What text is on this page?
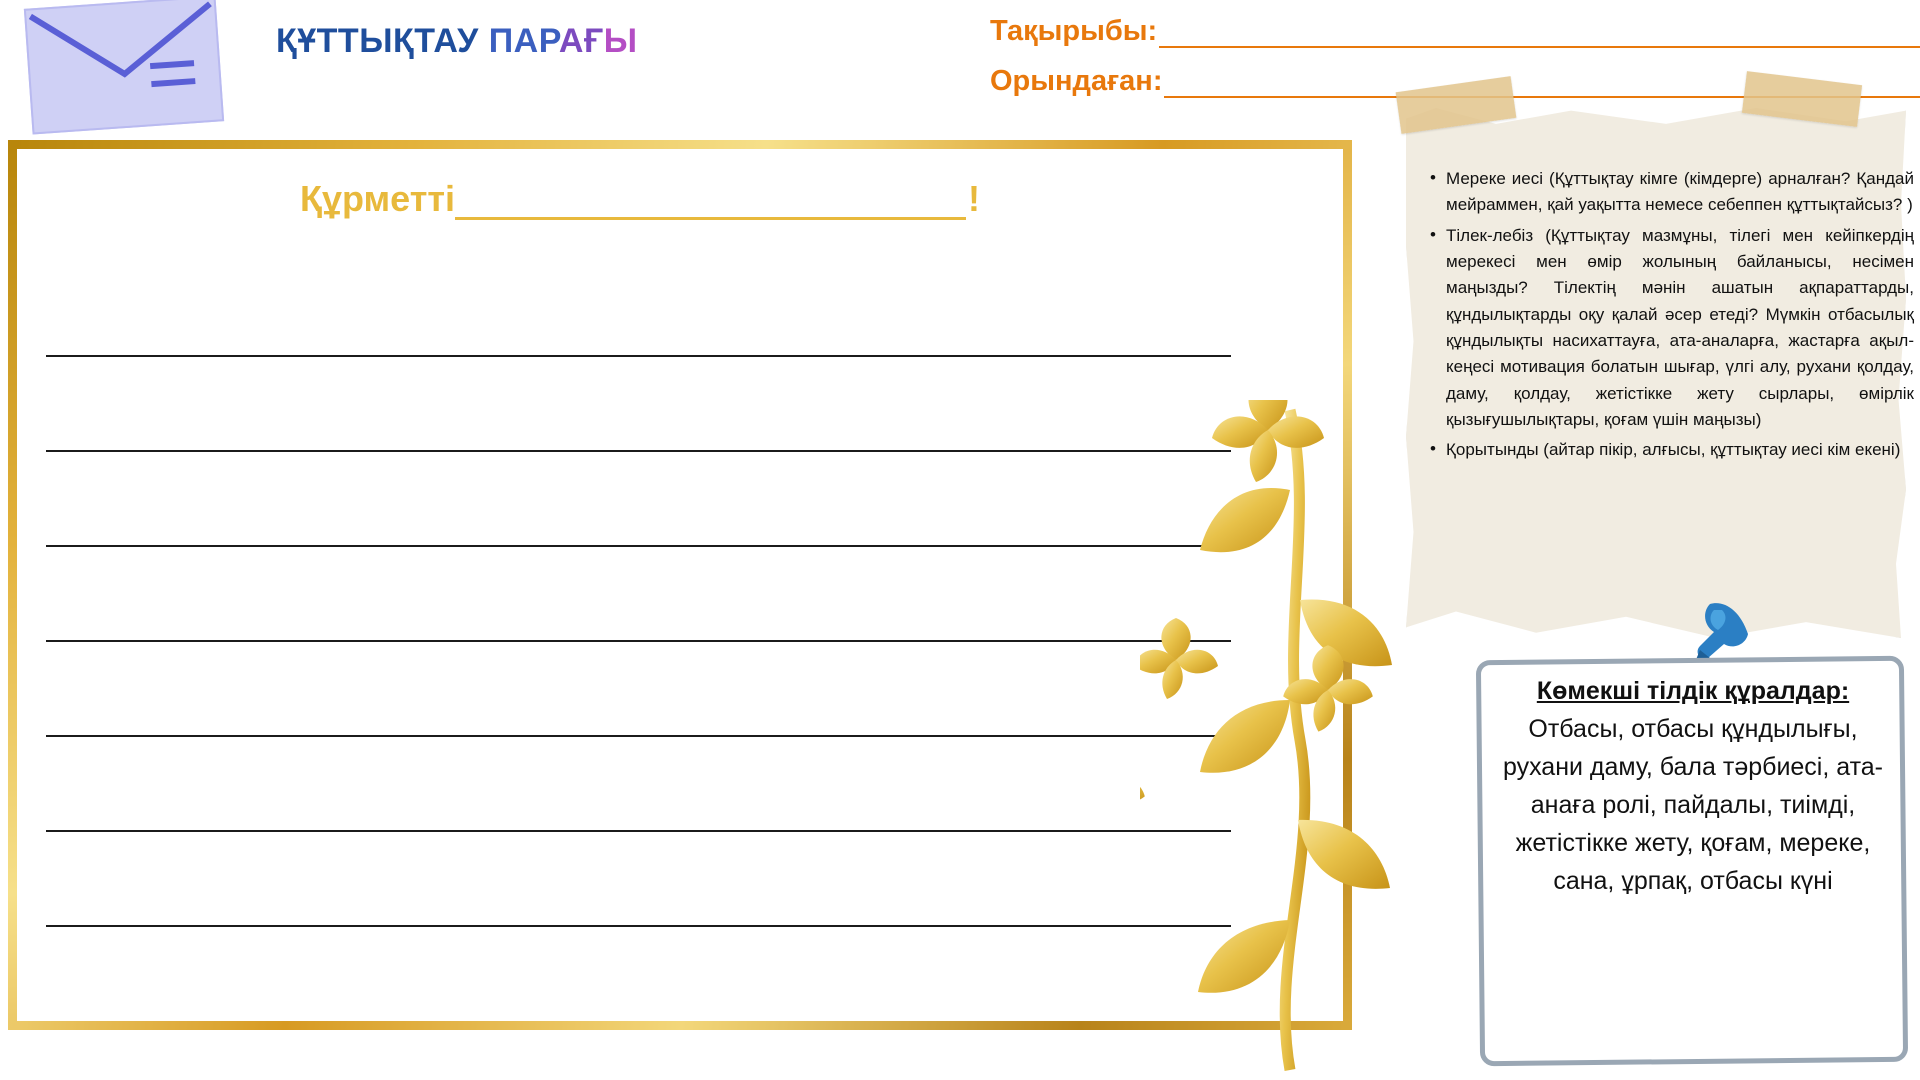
ҚҰТТЫҚТАУ ПАРАҒЫ	Тақырыбы:
Орындаған:
Құрметті	!	• Мереке иесі (Құттықтау кімге (кімдерге) арналған? Қандай мейраммен, қай уақытта немесе себеппен құттықтайсыз? )
• Тілек-лебіз (Құттықтау мазмұны, тілегі мен кейіпкердің мерекесі мен өмір жолының байланысы, несімен маңызды? Тілектің мәнін ашатын ақпараттарды, құндылықтарды оқу қалай әсер етеді? Мүмкін отбасылық құндылықты насихаттауға, ата-аналарға, жастарға ақыл-кеңесі мотивация болатын шығар, үлгі алу, рухани қолдау, даму, қолдау, жетістікке жету сырлары, өмірлік қызығушылықтары, қоғам үшін маңызы)
• Қорытынды (айтар пікір, алғысы, құттықтау иесі кім екені)
Көмекші тілдік құралдар: Отбасы, отбасы құндылығы, рухани даму, бала тәрбиесі, ата-анаға ролі, пайдалы, тиімді, жетістікке жету, қоғам, мереке, сана, ұрпақ, отбасы күні
